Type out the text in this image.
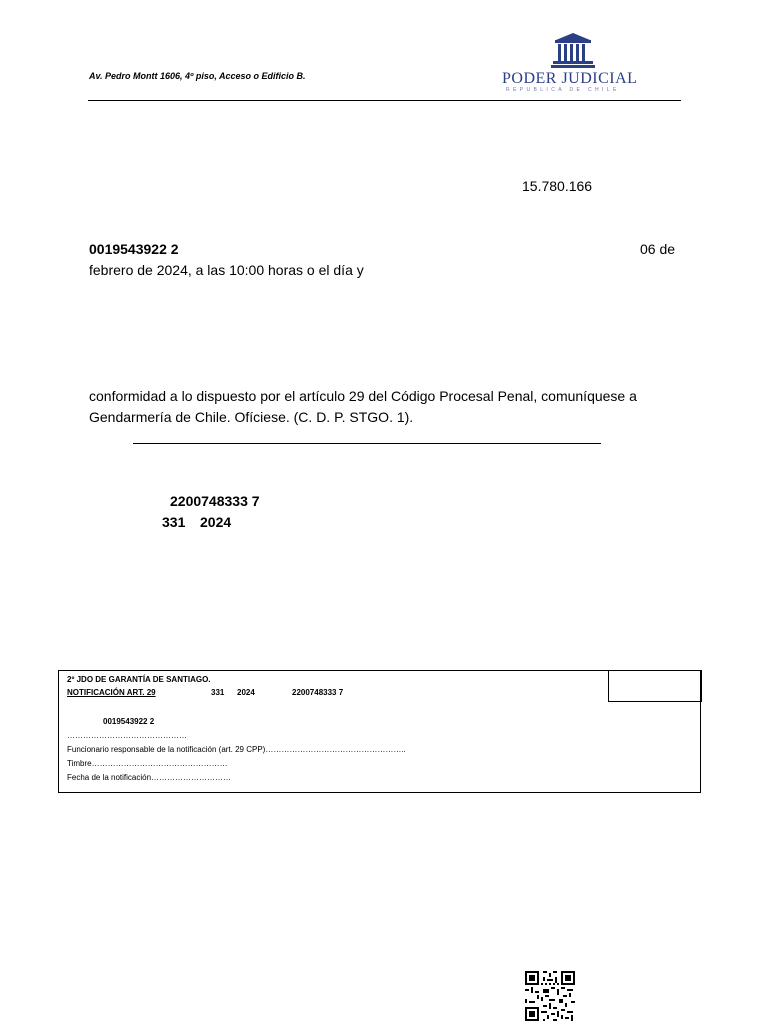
Av. Pedro Montt 1606, 4º piso, Acceso o Edificio B.	PODER JUDICIAL
REPUBLICA DE CHILE
15.780.166
0019543922 2	06 de
febrero de 2024, a las 10:00 horas o el día y
conformidad a lo dispuesto por el artículo 29 del Código Procesal Penal, comuníquese a
Gendarmería de Chile. Ofíciese. (C. D. P. STGO. 1).
2200748333 7
331 2024
2º JDO DE GARANTÍA DE SANTIAGO.
NOTIFICACIÓN ART. 29	331 2024	2200748333 7
0019543922 2
………………………………………
Funcionario responsable de la notificación (art. 29 CPP)……………………………………………..
Timbre……………………………………………
Fecha de la notificación…………………………
